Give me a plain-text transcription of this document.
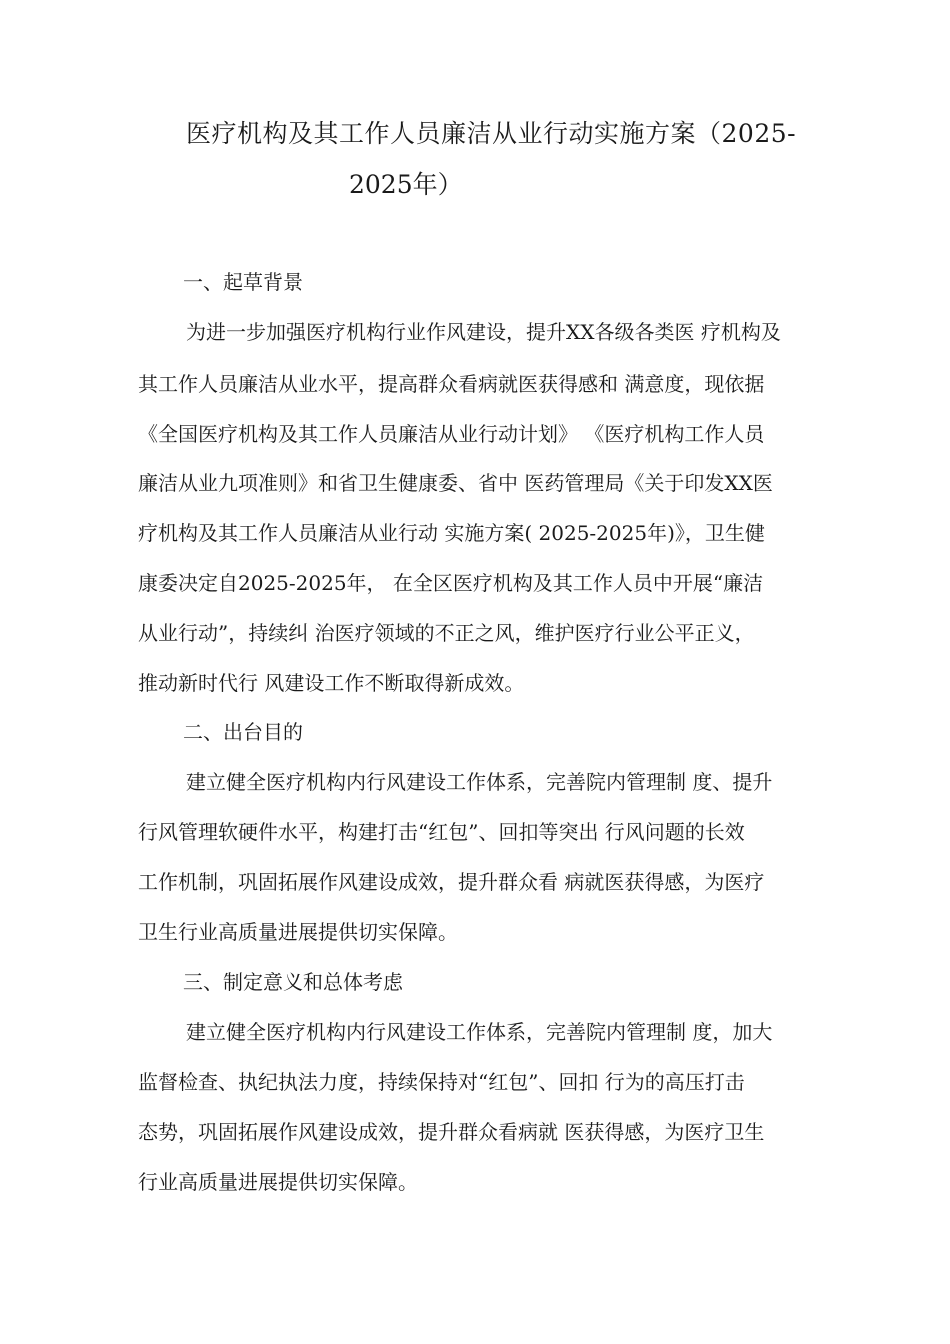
医疗机构及其工作人员廉洁从业行动实施方案（2025-
2025年）
一、起草背景
为进一步加强医疗机构行业作风建设，提升XX各级各类医 疗机构及
其工作人员廉洁从业水平，提高群众看病就医获得感和 满意度，现依据
《全国医疗机构及其工作人员廉洁从业行动计划》 《医疗机构工作人员
廉洁从业九项准则》和省卫生健康委、省中 医药管理局《关于印发XX医
疗机构及其工作人员廉洁从业行动 实施方案( 2025-2025年)》，卫生健
康委决定自2025-2025年， 在全区医疗机构及其工作人员中开展“廉洁
从业行动”，持续纠 治医疗领域的不正之风，维护医疗行业公平正义，
推动新时代行 风建设工作不断取得新成效。
二、出台目的
建立健全医疗机构内行风建设工作体系，完善院内管理制 度、提升
行风管理软硬件水平，构建打击“红包”、回扣等突出 行风问题的长效
工作机制，巩固拓展作风建设成效，提升群众看 病就医获得感，为医疗
卫生行业高质量进展提供切实保障。
三、制定意义和总体考虑
建立健全医疗机构内行风建设工作体系，完善院内管理制 度，加大
监督检查、执纪执法力度，持续保持对“红包”、回扣 行为的高压打击
态势，巩固拓展作风建设成效，提升群众看病就 医获得感，为医疗卫生
行业高质量进展提供切实保障。
